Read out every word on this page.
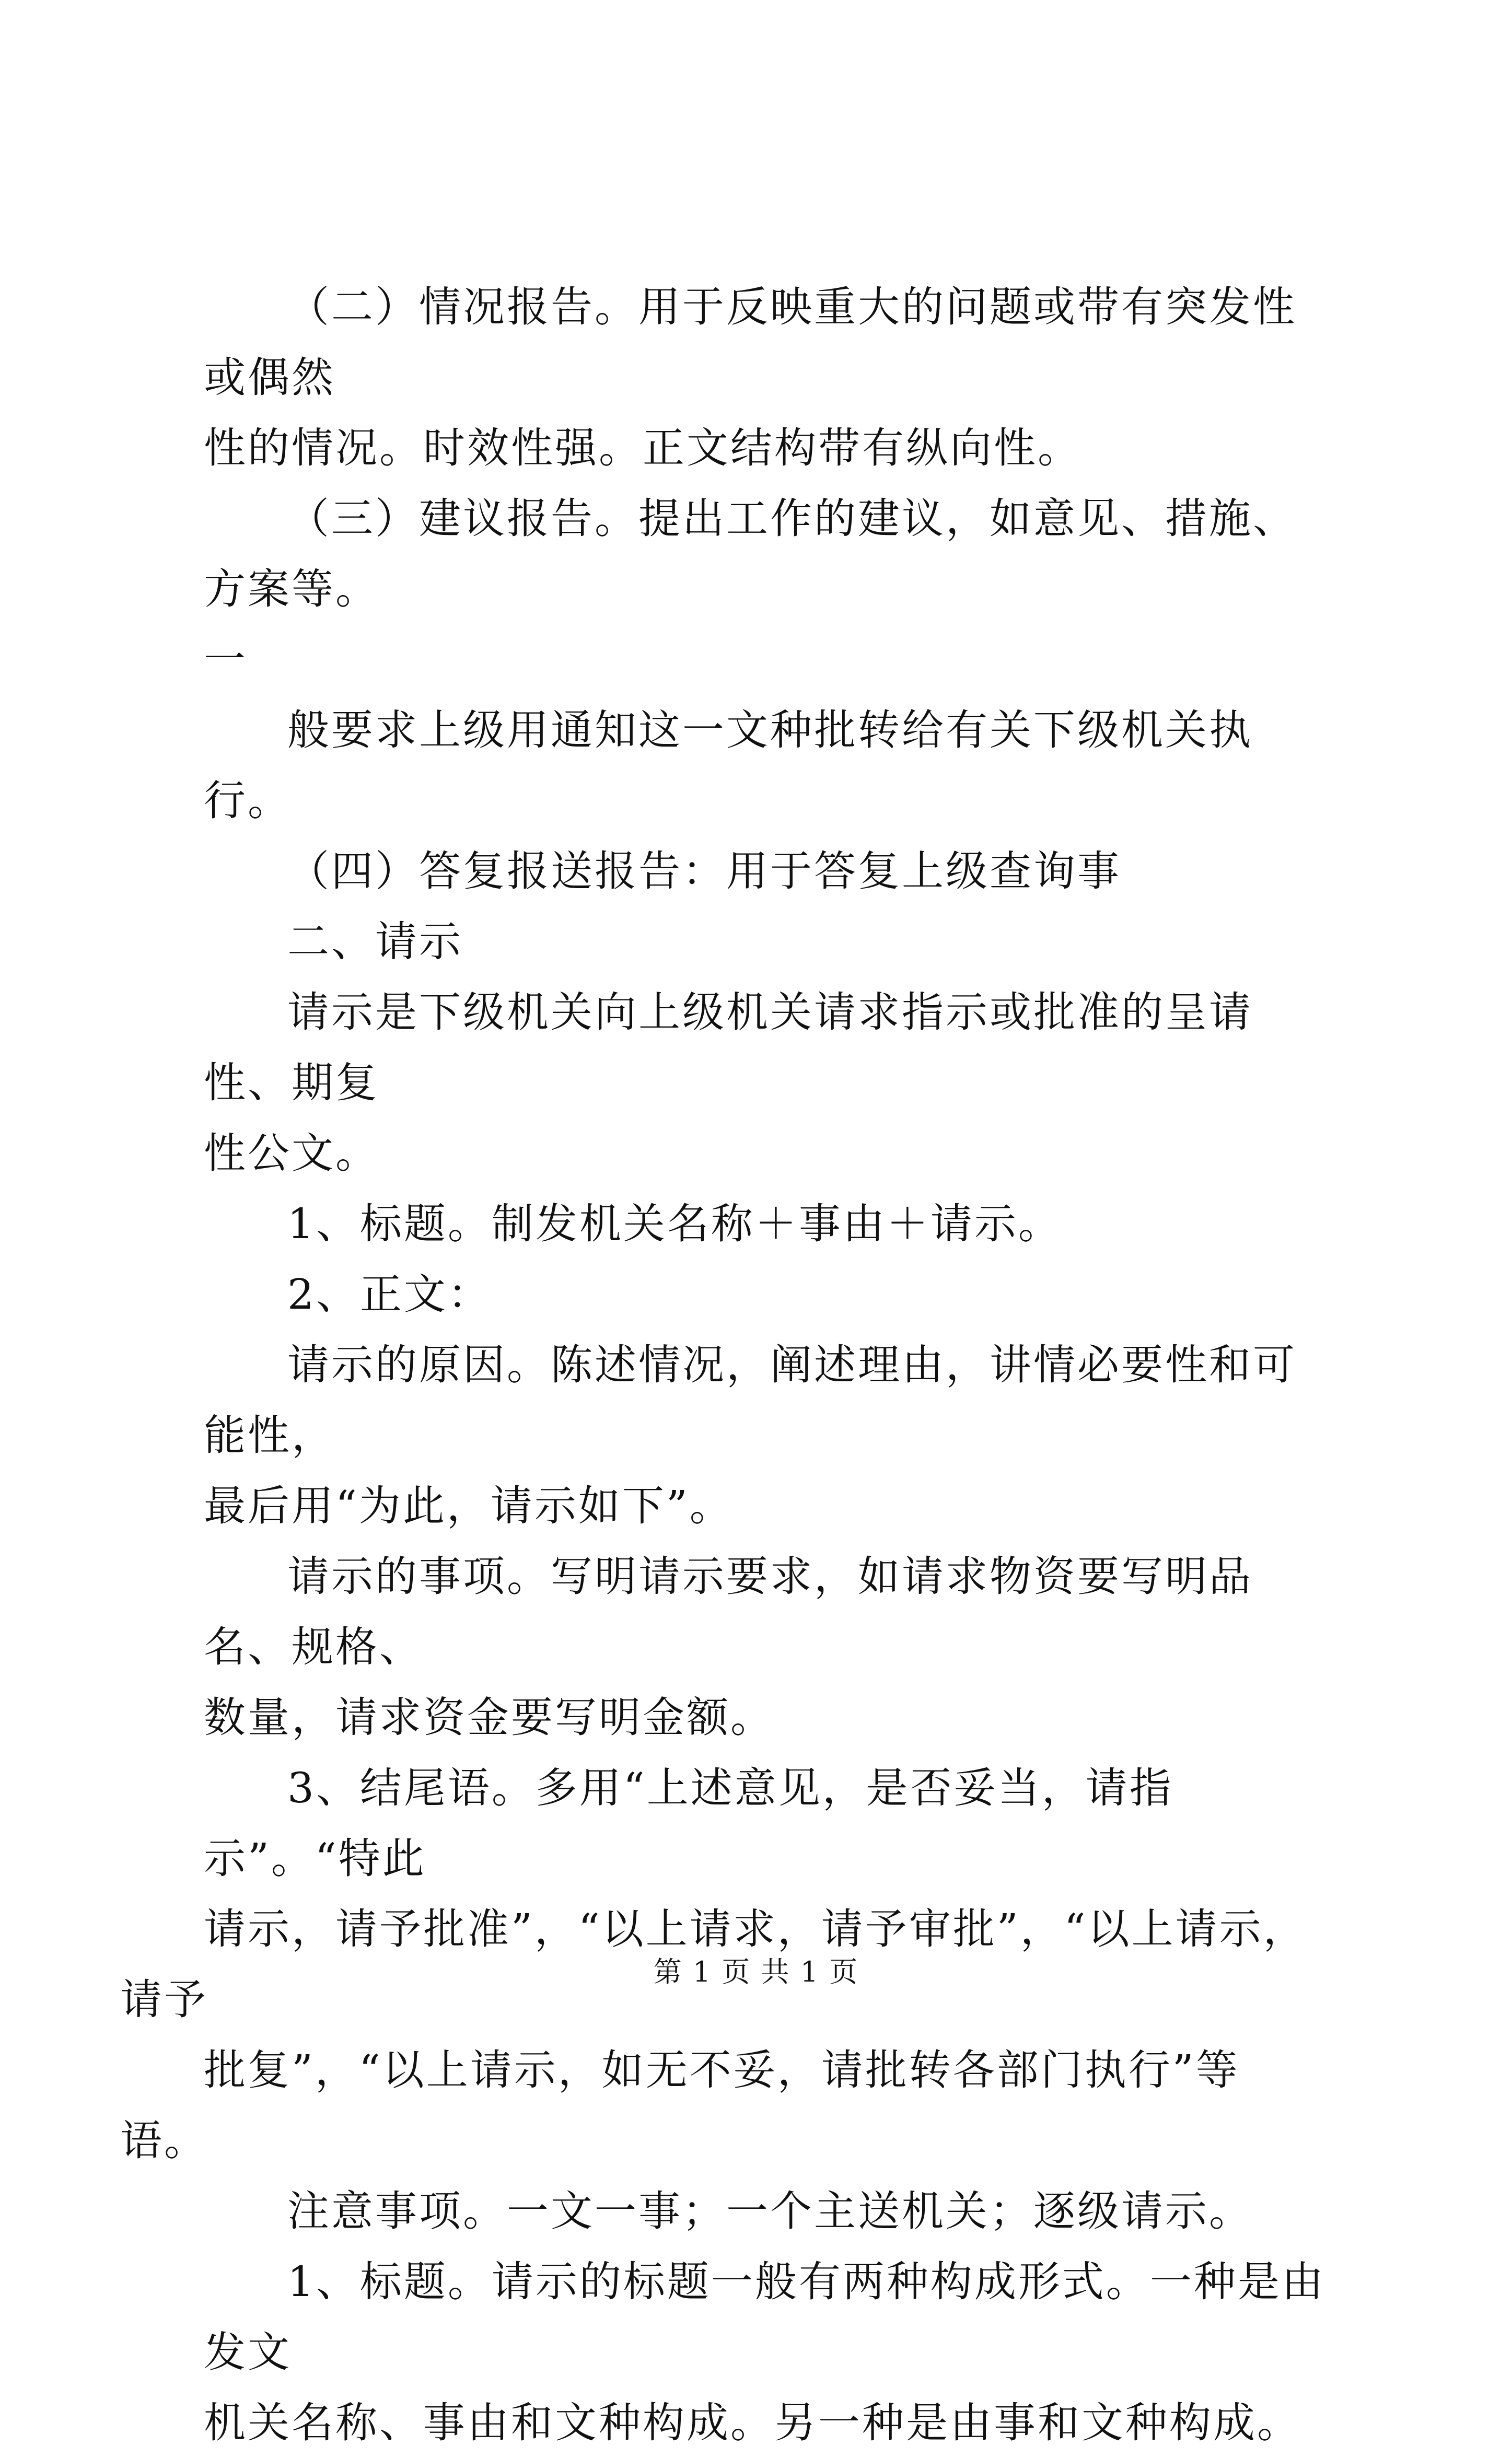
（二）情况报告。用于反映重大的问题或带有突发性或偶然
性的情况。时效性强。正文结构带有纵向性。

（三）建议报告。提出工作的建议，如意见、措施、方案等。
一

般要求上级用通知这一文种批转给有关下级机关执行。

（四）答复报送报告：用于答复上级查询事

二、请示

请示是下级机关向上级机关请求指示或批准的呈请性、期复
性公文。

1、标题。制发机关名称＋事由＋请示。

2、正文：

请示的原因。陈述情况，阐述理由，讲情必要性和可能性，
最后用“为此，请示如下”。

请示的事项。写明请示要求，如请求物资要写明品名、规格、
数量，请求资金要写明金额。

3、结尾语。多用“上述意见，是否妥当，请指示”。“特此
请示，请予批准”，“以上请求，请予审批”，“以上请示，请予
批复”，“以上请示，如无不妥，请批转各部门执行”等语。

注意事项。一文一事；一个主送机关；逐级请示。

1、标题。请示的标题一般有两种构成形式。一种是由发文
机关名称、事由和文种构成。另一种是由事和文种构成。

第 1 页 共 1 页
